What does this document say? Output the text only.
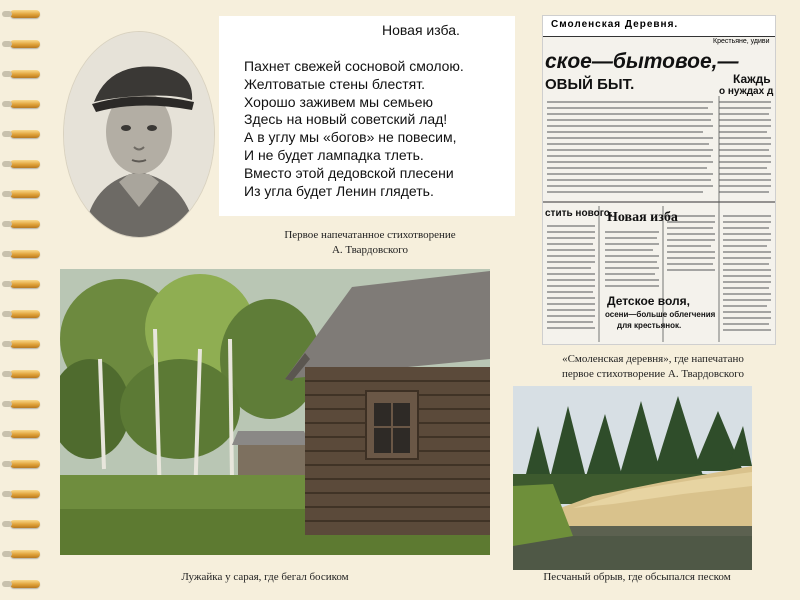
Новая изба.
Пахнет свежей сосновой смолою.
Желтоватые стены блестят.
Хорошо заживем мы семьею
Здесь на новый советский лад!
А в углу мы «богов» не повесим,
И не будет лампадка тлеть.
Вместо этой дедовской плесени
Из угла будет Ленин глядеть.
Первое напечатанное стихотворение
А. Твардовского
Смоленская Деревня.
Крестьяне, удиви
ское—бытовое,—
ОВЫЙ БЫТ.	Каждь
о нуждах д
стить нового.
Новая изба
Детское воля,
осени—больше облегчения
для крестьянок.
«Смоленская деревня», где напечатано
первое стихотворение А. Твардовского
Лужайка у сарая, где бегал босиком	Песчаный обрыв, где обсыпался песком
